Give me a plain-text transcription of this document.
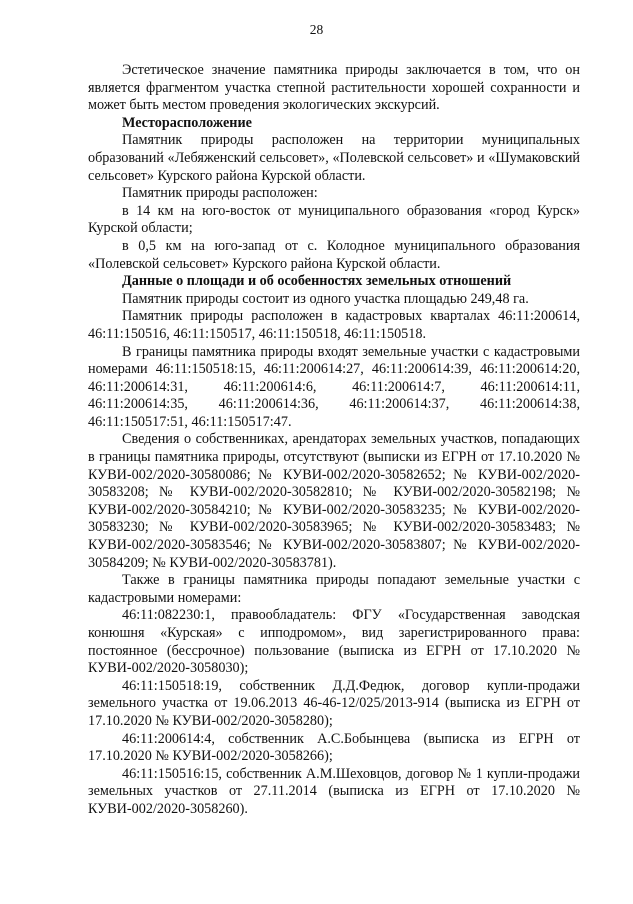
28

Эстетическое значение памятника природы заключается в том, что он является фрагментом участка степной растительности хорошей сохранности и может быть местом проведения экологических экскурсий.

Месторасположение

Памятник природы расположен на территории муниципальных образований «Лебяженский сельсовет», «Полевской сельсовет» и «Шумаковский сельсовет» Курского района Курской области.

Памятник природы расположен:

в 14 км на юго-восток от муниципального образования «город Курск» Курской области;

в 0,5 км на юго-запад от с. Колодное муниципального образования «Полевской сельсовет» Курского района Курской области.

Данные о площади и об особенностях земельных отношений

Памятник природы состоит из одного участка площадью 249,48 га.

Памятник природы расположен в кадастровых кварталах 46:11:200614, 46:11:150516, 46:11:150517, 46:11:150518, 46:11:150518.

В границы памятника природы входят земельные участки с кадастровыми номерами 46:11:150518:15, 46:11:200614:27, 46:11:200614:39, 46:11:200614:20, 46:11:200614:31, 46:11:200614:6, 46:11:200614:7, 46:11:200614:11, 46:11:200614:35, 46:11:200614:36, 46:11:200614:37, 46:11:200614:38, 46:11:150517:51, 46:11:150517:47.

Сведения о собственниках, арендаторах земельных участков, попадающих в границы памятника природы, отсутствуют (выписки из ЕГРН от 17.10.2020 № КУВИ-002/2020-30580086; № КУВИ-002/2020-30582652; № КУВИ-002/2020-30583208; № КУВИ-002/2020-30582810; № КУВИ-002/2020-30582198; № КУВИ-002/2020-30584210; № КУВИ-002/2020-30583235; № КУВИ-002/2020-30583230; № КУВИ-002/2020-30583965; № КУВИ-002/2020-30583483; № КУВИ-002/2020-30583546; № КУВИ-002/2020-30583807; № КУВИ-002/2020-30584209; № КУВИ-002/2020-30583781).

Также в границы памятника природы попадают земельные участки с кадастровыми номерами:

46:11:082230:1, правообладатель: ФГУ «Государственная заводская конюшня «Курская» с ипподромом», вид зарегистрированного права: постоянное (бессрочное) пользование (выписка из ЕГРН от 17.10.2020 № КУВИ-002/2020-3058030);

46:11:150518:19, собственник Д.Д.Федюк, договор купли-продажи земельного участка от 19.06.2013 46-46-12/025/2013-914 (выписка из ЕГРН от 17.10.2020 № КУВИ-002/2020-3058280);

46:11:200614:4, собственник А.С.Бобынцева (выписка из ЕГРН от 17.10.2020 № КУВИ-002/2020-3058266);

46:11:150516:15, собственник А.М.Шеховцов, договор № 1 купли-продажи земельных участков от 27.11.2014 (выписка из ЕГРН от 17.10.2020 № КУВИ-002/2020-3058260).
